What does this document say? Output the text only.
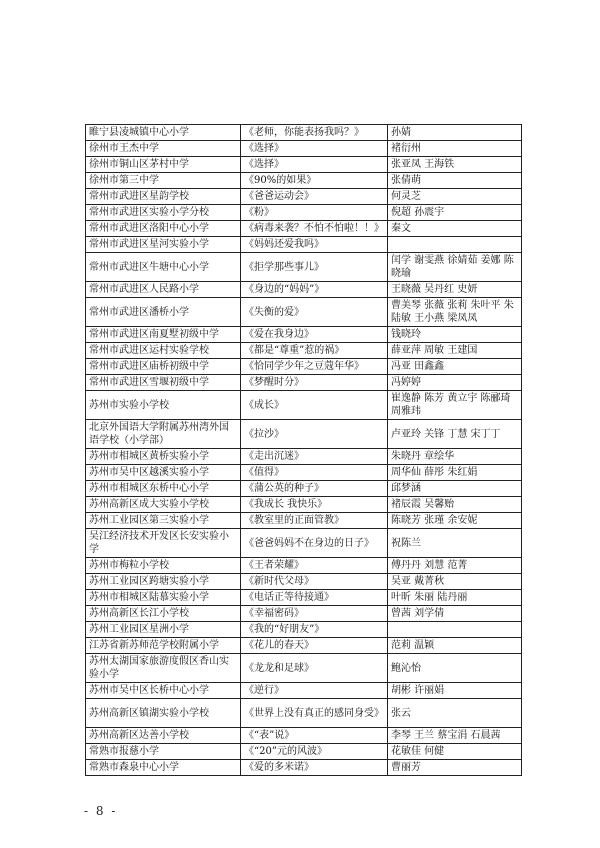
睢宁县凌城镇中心小学	《老师，你能表扬我吗？》	孙婧
徐州市王杰中学	《选择》	褚衍州
徐州市铜山区茅村中学	《选择》	张亚凤 王海铁
徐州市第三中学	《90%的如果》	张倩萌
常州市武进区星韵学校	《爸爸运动会》	何灵芝
常州市武进区实验小学分校	《粉》	倪超 孙震宇
常州市武进区洛阳中心小学	《病毒来袭？不怕不怕啦！！》	秦文
常州市武进区星河实验小学	《妈妈还爱我吗》	
常州市武进区牛塘中心小学	《拒学那些事儿》	闰学 谢雯燕 徐婧茹 姜娜 陈晓瑜
常州市武进区人民路小学	《身边的“妈妈”》	王晓薇 吴丹红 史妍
常州市武进区潘桥小学	《失衡的爱》	曹美琴 张薇 张莉 朱叶平 朱陆敏 王小燕 梁凤凤
常州市武进区南夏墅初级中学	《爱在我身边》	钱晓玲
常州市武进区运村实验学校	《都是“尊重”惹的祸》	薛亚萍 周敏 王建国
常州市武进区庙桥初级中学	《恰同学少年之豆蔻年华》	冯亚 田鑫鑫
常州市武进区雪堰初级中学	《梦醒时分》	冯婷婷
苏州市实验小学校	《成长》	崔逸静 陈芳 黄立宇 陈郦琦 周雅玮
北京外国语大学附属苏州湾外国语学校（小学部）	《拉沙》	卢亚玲 关锋 丁慧 宋丁丁
苏州市相城区黄桥实验小学	《走出沉迷》	朱晓丹 章绘华
苏州市吴中区越溪实验小学	《值得》	周华仙 薛彤 朱红娟
苏州市相城区东桥中心小学	《蒲公英的种子》	邱梦涵
苏州高新区成大实验小学校	《我成长 我快乐》	褚辰霞 吴馨贻
苏州工业园区第三实验小学	《教室里的正面管教》	陈晓芳 张瑾 余安妮
吴江经济技术开发区长安实验小学	《爸爸妈妈不在身边的日子》	祝陈兰
苏州市梅粒小学校	《王者荣耀》	傅丹丹 刘慧 范菁
苏州工业园区跨塘实验小学	《新时代父母》	吴亚 戴菁秋
苏州市相城区陆慕实验小学	《电话正等待接通》	叶昕 朱丽 陆丹丽
苏州高新区长江小学校	《幸福密码》	曾茜 刘学倩
苏州工业园区星洲小学	《我的“好朋友”》	
江苏省新苏师范学校附属小学	《花儿的春天》	范莉 温颖
苏州太湖国家旅游度假区香山实验小学	《龙龙和足球》	鲍沁怡
苏州市吴中区长桥中心小学	《逆行》	胡彬 许丽娟
苏州高新区镇湖实验小学校	《世界上没有真正的感同身受》	张云
苏州高新区达善小学校	《“表”说》	李琴 王兰 蔡宝涓 石晨茜
常熟市报慈小学	《“20”元的风波》	花敏佳 何健
常熟市森泉中心小学	《爱的多米诺》	曹丽芳
- 8 -
